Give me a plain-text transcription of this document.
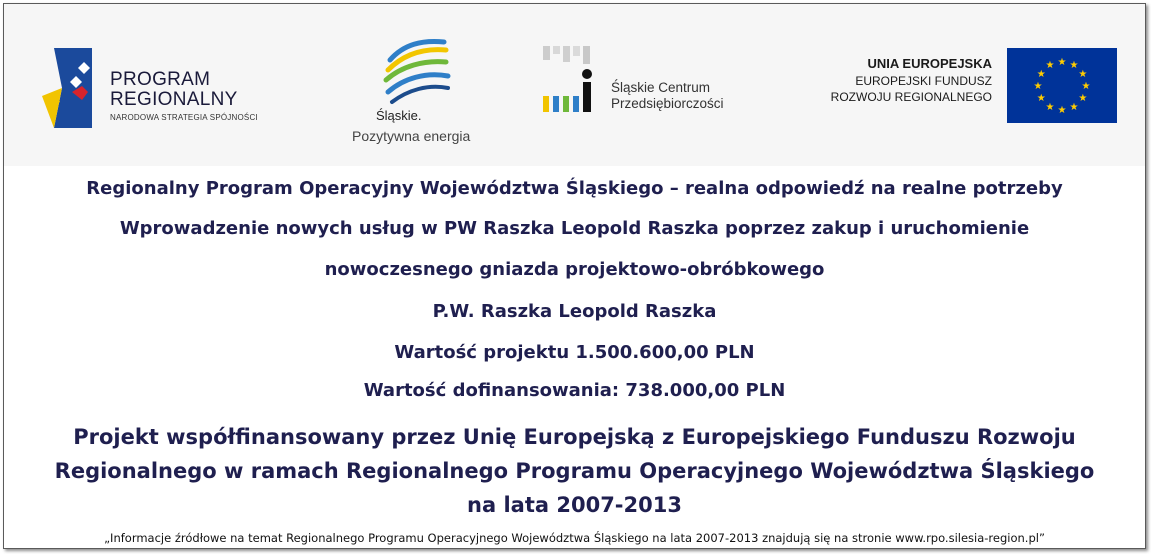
PROGRAM
REGIONALNY
NARODOWA STRATEGIA SPÓJNOŚCI	Śląskie.
Pozytywna energia
Śląskie Centrum
Przedsiębiorczości
UNIA EUROPEJSKA
EUROPEJSKI FUNDUSZ
ROZWOJU REGIONALNEGO
★ ★
★
★
★
★
★
★
★
★
★
★
Regionalny Program Operacyjny Województwa Śląskiego – realna odpowiedź na realne potrzeby
Wprowadzenie nowych usług w PW Raszka Leopold Raszka poprzez zakup i uruchomienie
nowoczesnego gniazda projektowo-obróbkowego
P.W. Raszka Leopold Raszka
Wartość projektu 1.500.600,00 PLN
Wartość dofinansowania: 738.000,00 PLN
Projekt współfinansowany przez Unię Europejską z Europejskiego Funduszu Rozwoju
Regionalnego w ramach Regionalnego Programu Operacyjnego Województwa Śląskiego
na lata 2007-2013
„Informacje źródłowe na temat Regionalnego Programu Operacyjnego Województwa Śląskiego na lata 2007-2013 znajdują się na stronie www.rpo.silesia-region.pl”
